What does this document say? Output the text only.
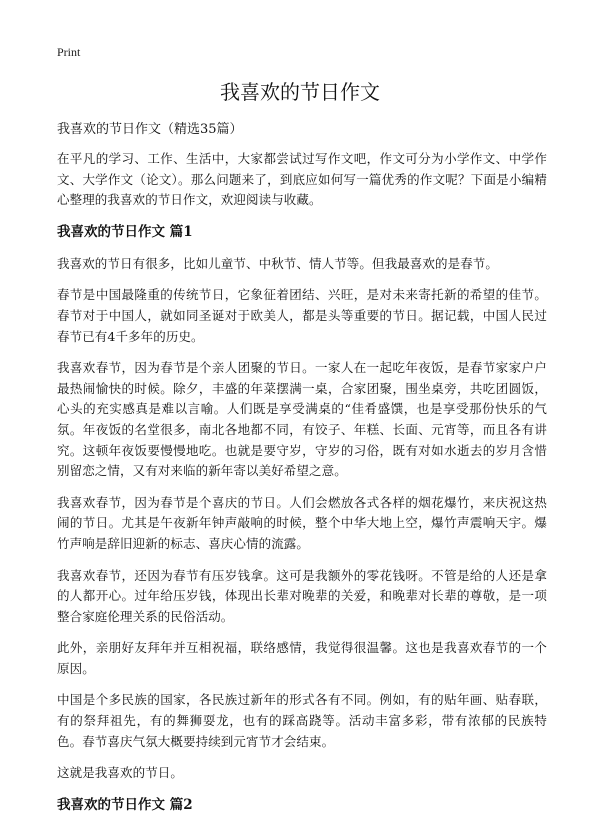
Print
我喜欢的节日作文
我喜欢的节日作文（精选35篇）

在平凡的学习、工作、生活中，大家都尝试过写作文吧，作文可分为小学作文、中学作文、大学作文（论文）。那么问题来了，到底应如何写一篇优秀的作文呢？下面是小编精心整理的我喜欢的节日作文，欢迎阅读与收藏。

我喜欢的节日作文 篇1

我喜欢的节日有很多，比如儿童节、中秋节、情人节等。但我最喜欢的是春节。

春节是中国最隆重的传统节日，它象征着团结、兴旺，是对未来寄托新的希望的佳节。春节对于中国人，就如同圣诞对于欧美人，都是头等重要的节日。据记载，中国人民过春节已有4千多年的历史。

我喜欢春节，因为春节是个亲人团聚的节日。一家人在一起吃年夜饭，是春节家家户户最热闹愉快的时候。除夕，丰盛的年菜摆满一桌，合家团聚，围坐桌旁，共吃团圆饭，心头的充实感真是难以言喻。人们既是享受满桌的“佳肴盛馔，也是享受那份快乐的气氛。年夜饭的名堂很多，南北各地都不同，有饺子、年糕、长面、元宵等，而且各有讲究。这顿年夜饭要慢慢地吃。也就是要守岁，守岁的习俗，既有对如水逝去的岁月含惜别留恋之情，又有对来临的新年寄以美好希望之意。

我喜欢春节，因为春节是个喜庆的节日。人们会燃放各式各样的烟花爆竹，来庆祝这热闹的节日。尤其是午夜新年钟声敲响的时候，整个中华大地上空，爆竹声震响天宇。爆竹声响是辞旧迎新的标志、喜庆心情的流露。

我喜欢春节，还因为春节有压岁钱拿。这可是我额外的零花钱呀。不管是给的人还是拿的人都开心。过年给压岁钱，体现出长辈对晚辈的关爱，和晚辈对长辈的尊敬，是一项整合家庭伦理关系的民俗活动。

此外，亲朋好友拜年并互相祝福，联络感情，我觉得很温馨。这也是我喜欢春节的一个原因。

中国是个多民族的国家，各民族过新年的形式各有不同。例如，有的贴年画、贴春联，有的祭拜祖先，有的舞狮耍龙，也有的踩高跷等。活动丰富多彩，带有浓郁的民族特色。春节喜庆气氛大概要持续到元宵节才会结束。

这就是我喜欢的节日。

我喜欢的节日作文 篇2
